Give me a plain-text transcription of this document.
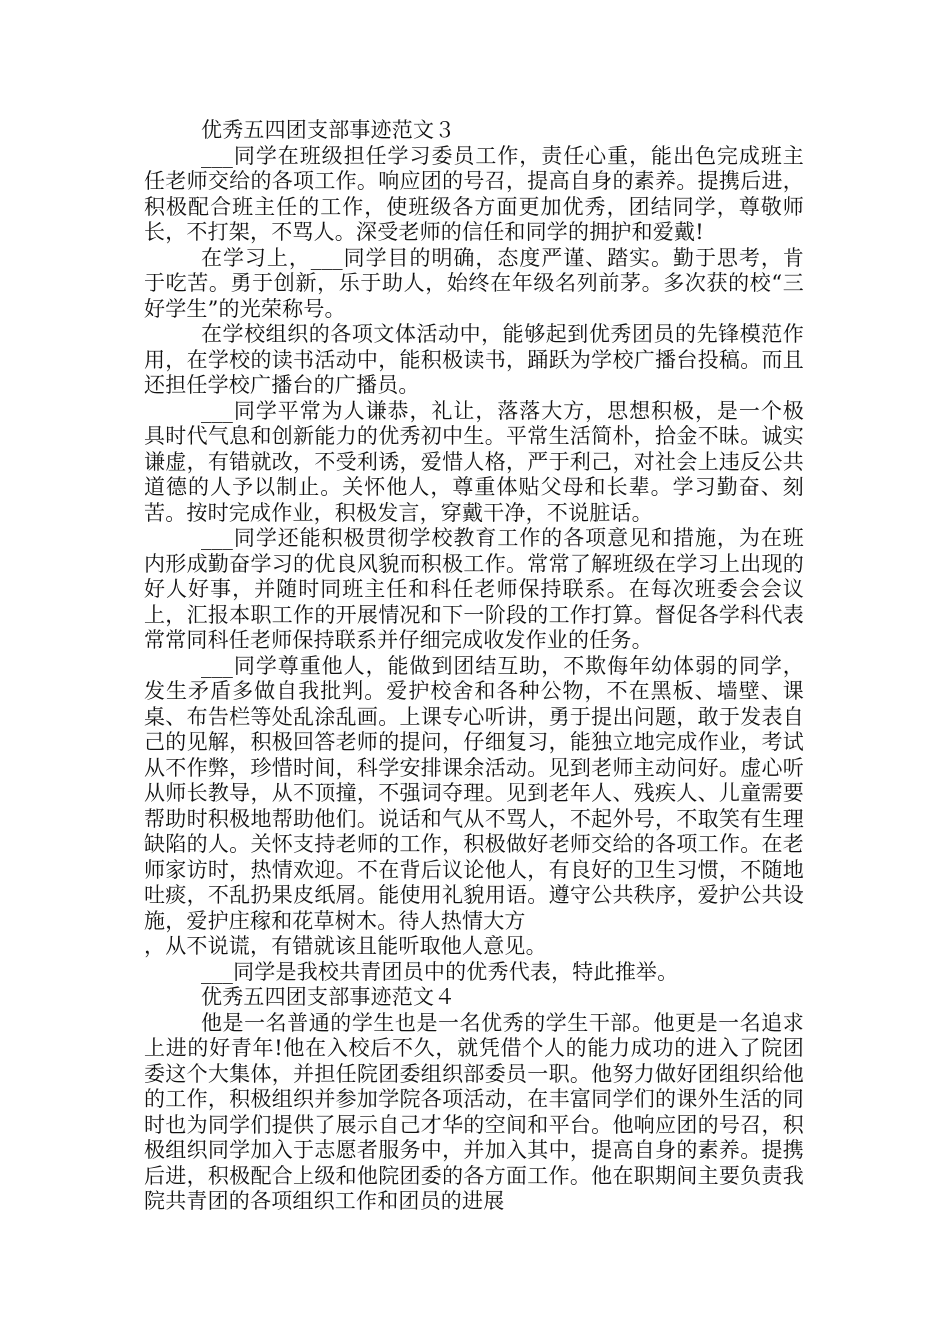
优秀五四团支部事迹范文３

___同学在班级担任学习委员工作，责任心重，能出色完成班主任老师交给的各项工作。响应团的号召，提高自身的素养。提携后进，积极配合班主任的工作，使班级各方面更加优秀，团结同学，尊敬师长，不打架，不骂人。深受老师的信任和同学的拥护和爱戴!

在学习上，___同学目的明确，态度严谨、踏实。勤于思考，肯于吃苦。勇于创新，乐于助人，始终在年级名列前茅。多次获的校“三好学生”的光荣称号。

在学校组织的各项文体活动中，能够起到优秀团员的先锋模范作用，在学校的读书活动中，能积极读书，踊跃为学校广播台投稿。而且还担任学校广播台的广播员。

___同学平常为人谦恭，礼让，落落大方，思想积极，是一个极具时代气息和创新能力的优秀初中生。平常生活简朴，拾金不昧。诚实谦虚，有错就改，不受利诱，爱惜人格，严于利己，对社会上违反公共道德的人予以制止。关怀他人，尊重体贴父母和长辈。学习勤奋、刻苦。按时完成作业，积极发言，穿戴干净，不说脏话。

___同学还能积极贯彻学校教育工作的各项意见和措施，为在班内形成勤奋学习的优良风貌而积极工作。常常了解班级在学习上出现的好人好事，并随时同班主任和科任老师保持联系。在每次班委会会议上，汇报本职工作的开展情况和下一阶段的工作打算。督促各学科代表常常同科任老师保持联系并仔细完成收发作业的任务。

___同学尊重他人，能做到团结互助，不欺侮年幼体弱的同学，发生矛盾多做自我批判。爱护校舍和各种公物，不在黑板、墙壁、课桌、布告栏等处乱涂乱画。上课专心听讲，勇于提出问题，敢于发表自己的见解，积极回答老师的提问，仔细复习，能独立地完成作业，考试从不作弊，珍惜时间，科学安排课余活动。见到老师主动问好。虚心听从师长教导，从不顶撞，不强词夺理。见到老年人、残疾人、儿童需要帮助时积极地帮助他们。说话和气从不骂人，不起外号，不取笑有生理缺陷的人。关怀支持老师的工作，积极做好老师交给的各项工作。在老师家访时，热情欢迎。不在背后议论他人，有良好的卫生习惯，不随地吐痰，不乱扔果皮纸屑。能使用礼貌用语。遵守公共秩序，爱护公共设施，爱护庄稼和花草树木。待人热情大方

，从不说谎，有错就该且能听取他人意见。

___同学是我校共青团员中的优秀代表，特此推举。

优秀五四团支部事迹范文４

他是一名普通的学生也是一名优秀的学生干部。他更是一名追求上进的好青年!他在入校后不久，就凭借个人的能力成功的进入了院团委这个大集体，并担任院团委组织部委员一职。他努力做好团组织给他的工作，积极组织并参加学院各项活动，在丰富同学们的课外生活的同时也为同学们提供了展示自己才华的空间和平台。他响应团的号召，积极组织同学加入于志愿者服务中，并加入其中，提高自身的素养。提携后进，积极配合上级和他院团委的各方面工作。他在职期间主要负责我院共青团的各项组织工作和团员的进展
